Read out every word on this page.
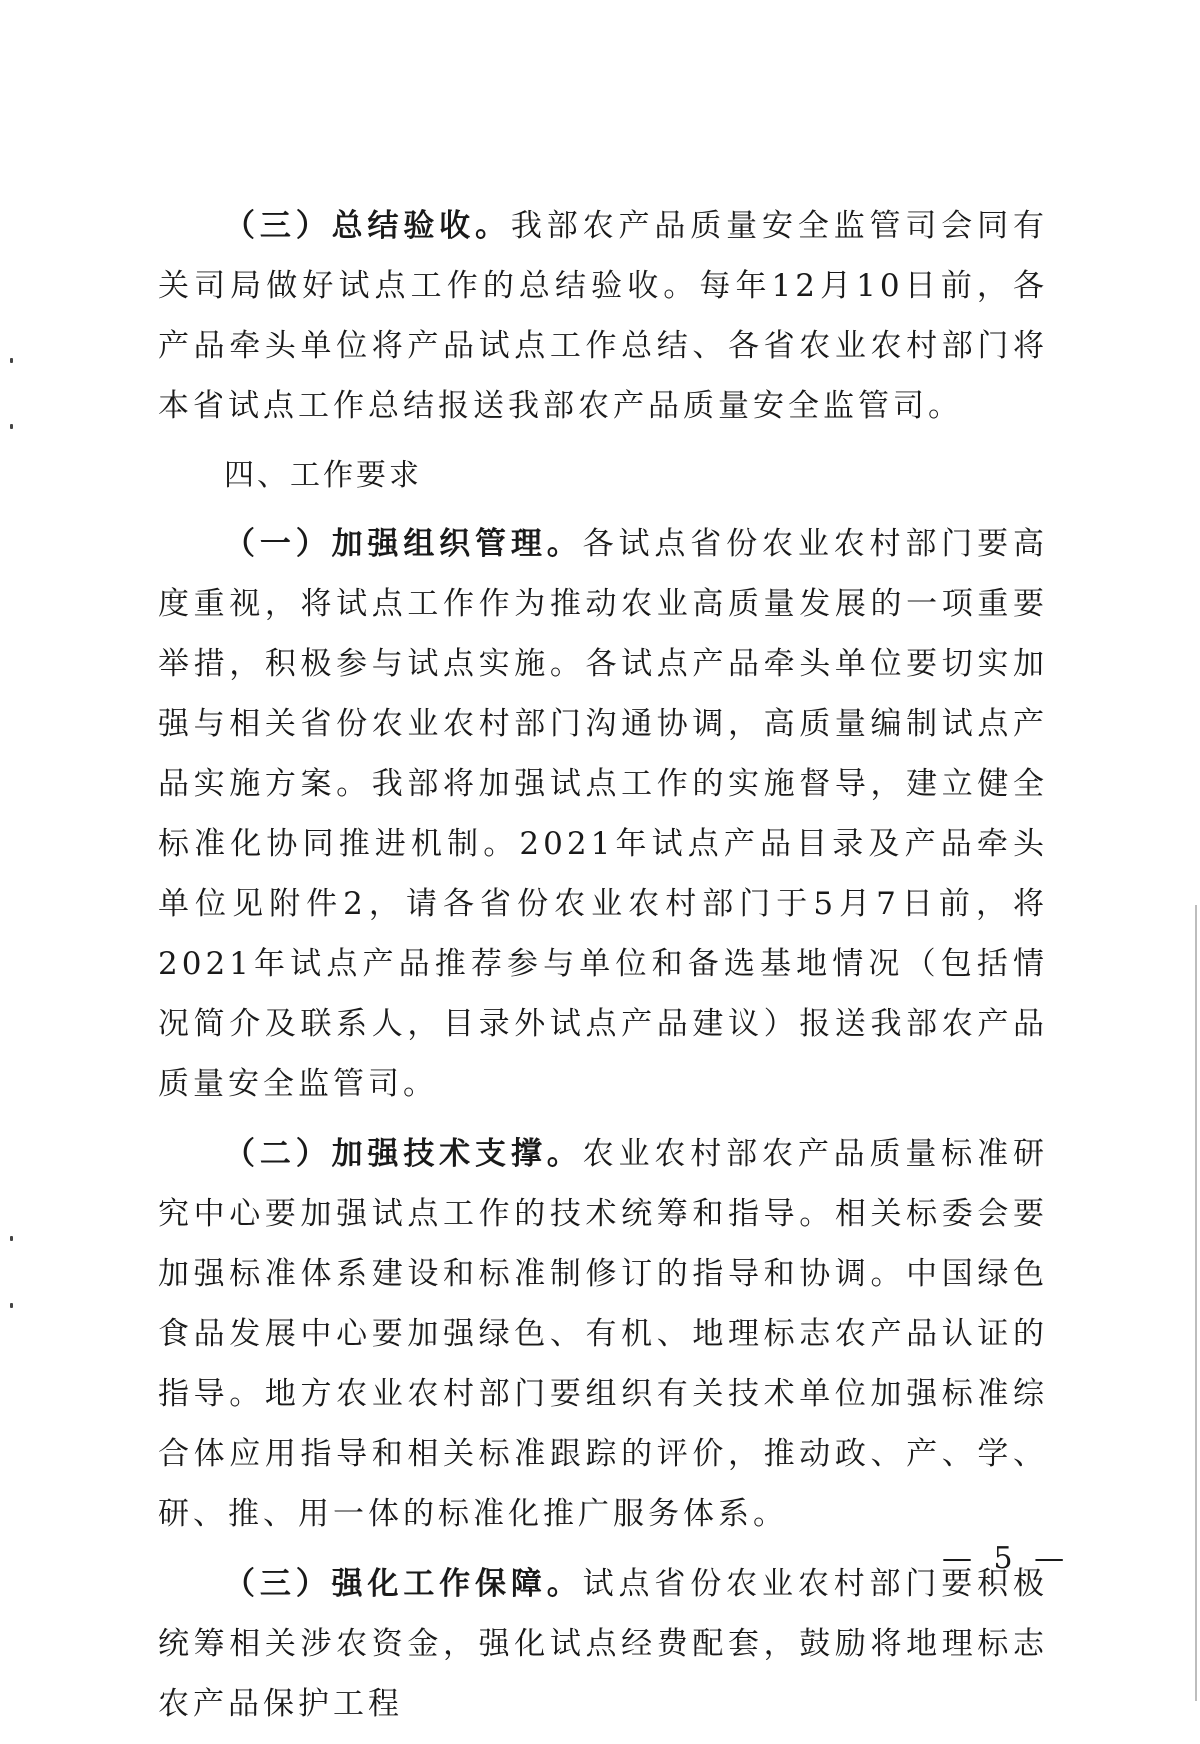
（三）总结验收。我部农产品质量安全监管司会同有关司局做好试点工作的总结验收。每年12月10日前，各产品牵头单位将产品试点工作总结、各省农业农村部门将本省试点工作总结报送我部农产品质量安全监管司。

四、工作要求

（一）加强组织管理。各试点省份农业农村部门要高度重视，将试点工作作为推动农业高质量发展的一项重要举措，积极参与试点实施。各试点产品牵头单位要切实加强与相关省份农业农村部门沟通协调，高质量编制试点产品实施方案。我部将加强试点工作的实施督导，建立健全标准化协同推进机制。2021年试点产品目录及产品牵头单位见附件2，请各省份农业农村部门于5月7日前，将2021年试点产品推荐参与单位和备选基地情况（包括情况简介及联系人，目录外试点产品建议）报送我部农产品质量安全监管司。

（二）加强技术支撑。农业农村部农产品质量标准研究中心要加强试点工作的技术统筹和指导。相关标委会要加强标准体系建设和标准制修订的指导和协调。中国绿色食品发展中心要加强绿色、有机、地理标志农产品认证的指导。地方农业农村部门要组织有关技术单位加强标准综合体应用指导和相关标准跟踪的评价，推动政、产、学、研、推、用一体的标准化推广服务体系。

（三）强化工作保障。试点省份农业农村部门要积极统筹相关涉农资金，强化试点经费配套，鼓励将地理标志农产品保护工程

— 5 —
